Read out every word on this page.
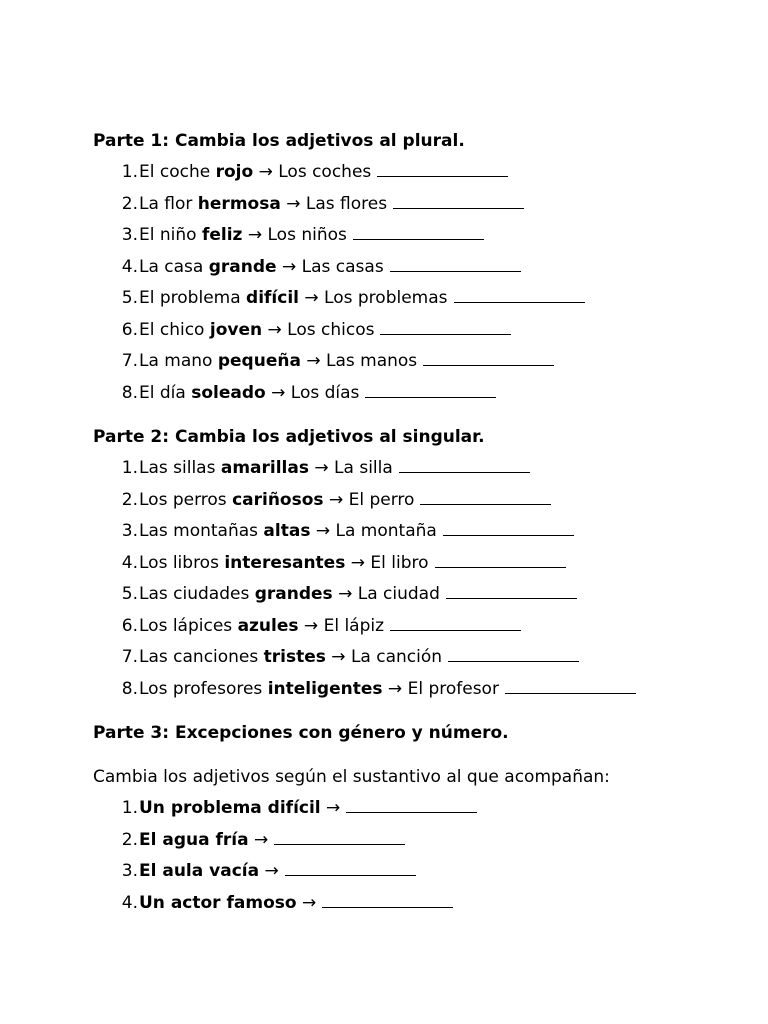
Parte 1: Cambia los adjetivos al plural.
1 . El coche rojo → Los coches
2 . La flor hermosa → Las flores
3 . El niño feliz → Los niños
4 . La casa grande → Las casas
5 . El problema difícil → Los problemas
6 . El chico joven → Los chicos
7 . La mano pequeña → Las manos
8 . El día soleado → Los días
Parte 2: Cambia los adjetivos al singular.
1 . Las sillas amarillas → La silla
2 . Los perros cariñosos → El perro
3 . Las montañas altas → La montaña
4 . Los libros interesantes → El libro
5 . Las ciudades grandes → La ciudad
6 . Los lápices azules → El lápiz
7 . Las canciones tristes → La canción
8 . Los profesores inteligentes → El profesor
Parte 3: Excepciones con género y número.
Cambia los adjetivos según el sustantivo al que acompañan:
1 . Un problema difícil →
2 . El agua fría →
3 . El aula vacía →
4 . Un actor famoso →
